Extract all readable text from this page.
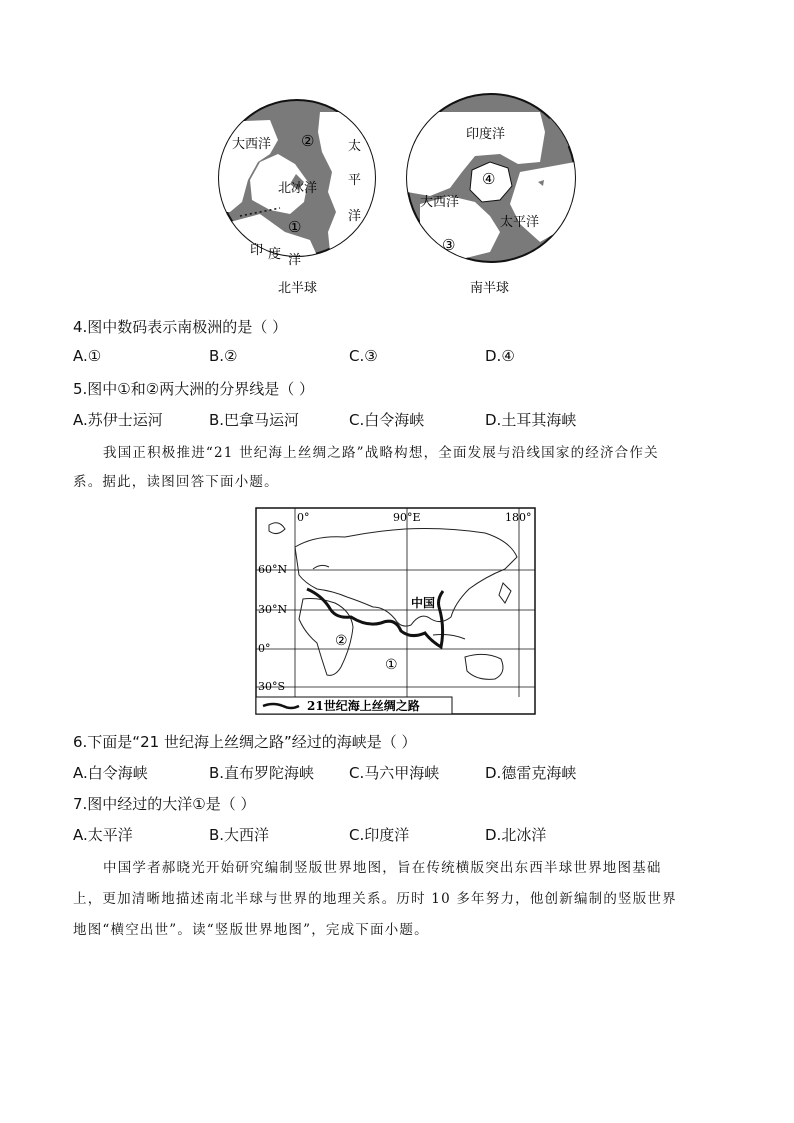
大西洋 ②
北冰洋
太
平
洋
①
印 度 洋
北半球
印度洋
④
大西洋
太平洋
③
南半球
4.图中数码表示南极洲的是（ ）
A.①	B.②	C.③	D.④
5.图中①和②两大洲的分界线是（ ）
A.苏伊士运河	B.巴拿马运河	C.白令海峡	D.土耳其海峡
我国正积极推进“21 世纪海上丝绸之路”战略构想，全面发展与沿线国家的经济合作关
系。据此，读图回答下面小题。
0°	90°E	180°
60°N
30°N
0°
30°S
中国
②
①
21世纪海上丝绸之路
6.下面是“21 世纪海上丝绸之路”经过的海峡是（ ）
A.白令海峡	B.直布罗陀海峡 C.马六甲海峡	D.德雷克海峡
7.图中经过的大洋①是（ ）
A.太平洋	B.大西洋	C.印度洋	D.北冰洋
中国学者郝晓光开始研究编制竖版世界地图，旨在传统横版突出东西半球世界地图基础
上，更加清晰地描述南北半球与世界的地理关系。历时 10 多年努力，他创新编制的竖版世界
地图“横空出世”。读“竖版世界地图”，完成下面小题。
